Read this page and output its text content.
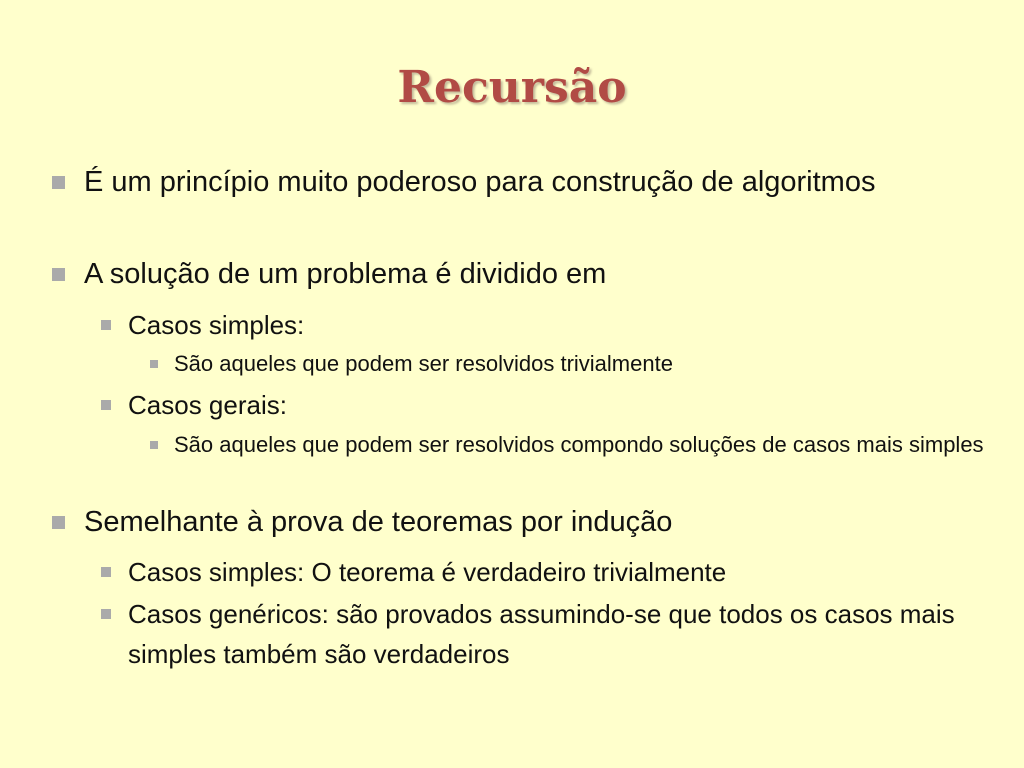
Recursão
É um princípio muito poderoso para construção de algoritmos
A solução de um problema é dividido em
Casos simples:
São aqueles que podem ser resolvidos trivialmente
Casos gerais:
São aqueles que podem ser resolvidos compondo soluções de casos mais simples
Semelhante à prova de teoremas por indução
Casos simples: O teorema é verdadeiro trivialmente
Casos genéricos: são provados assumindo-se que todos os casos mais simples também são verdadeiros
